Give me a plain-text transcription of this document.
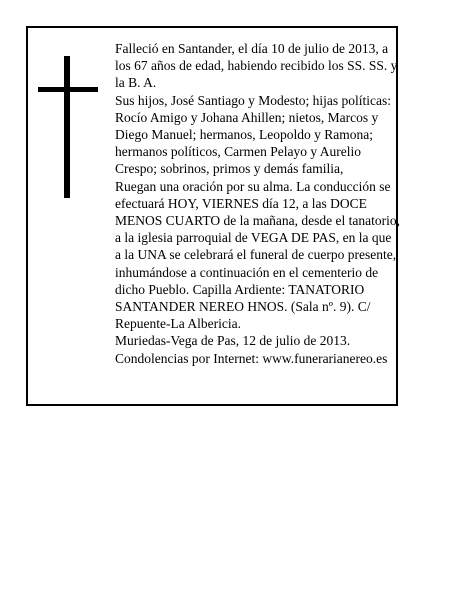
Falleció en Santander, el día 10 de julio de 2013, a los 67 años de edad, habiendo recibido los SS. SS. y la B. A.

Sus hijos, José Santiago y Modesto; hijas políticas: Rocío Amigo y Johana Ahillen; nietos, Marcos y Diego Manuel; hermanos, Leopoldo y Ramona; hermanos políticos, Carmen Pelayo y Aurelio Crespo; sobrinos, primos y demás familia,

Ruegan una oración por su alma. La conducción se efectuará HOY, VIERNES día 12, a las DOCE MENOS CUARTO de la mañana, desde el tanatorio, a la iglesia parroquial de VEGA DE PAS, en la que a la UNA se celebrará el funeral de cuerpo presente, inhumándose a continuación en el cementerio de dicho Pueblo. Capilla Ardiente: TANATORIO SANTANDER NEREO HNOS. (Sala nº. 9). C/ Repuente-La Albericia.

Muriedas-Vega de Pas, 12 de julio de 2013.

Condolencias por Internet: www.funerarianereo.es
